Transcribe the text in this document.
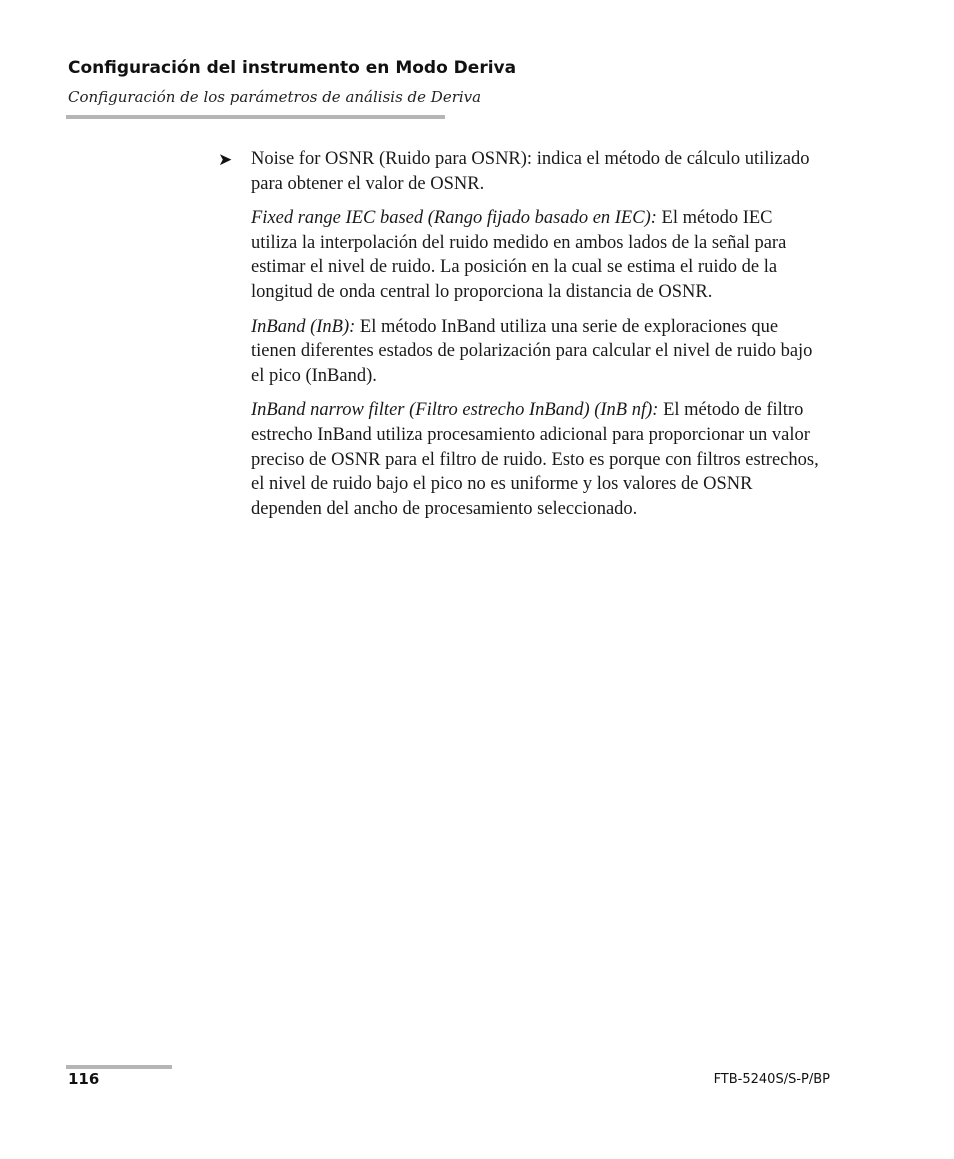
Configuración del instrumento en Modo Deriva
Configuración de los parámetros de análisis de Deriva
➤ Noise for OSNR (Ruido para OSNR): indica el método de cálculo utilizado para obtener el valor de OSNR.

Fixed range IEC based (Rango fijado basado en IEC): El método IEC utiliza la interpolación del ruido medido en ambos lados de la señal para estimar el nivel de ruido. La posición en la cual se estima el ruido de la longitud de onda central lo proporciona la distancia de OSNR.

InBand (InB): El método InBand utiliza una serie de exploraciones que tienen diferentes estados de polarización para calcular el nivel de ruido bajo el pico (InBand).

InBand narrow filter (Filtro estrecho InBand) (InB nf): El método de filtro estrecho InBand utiliza procesamiento adicional para proporcionar un valor preciso de OSNR para el filtro de ruido. Esto es porque con filtros estrechos, el nivel de ruido bajo el pico no es uniforme y los valores de OSNR dependen del ancho de procesamiento seleccionado.

116	FTB-5240S/S-P/BP
